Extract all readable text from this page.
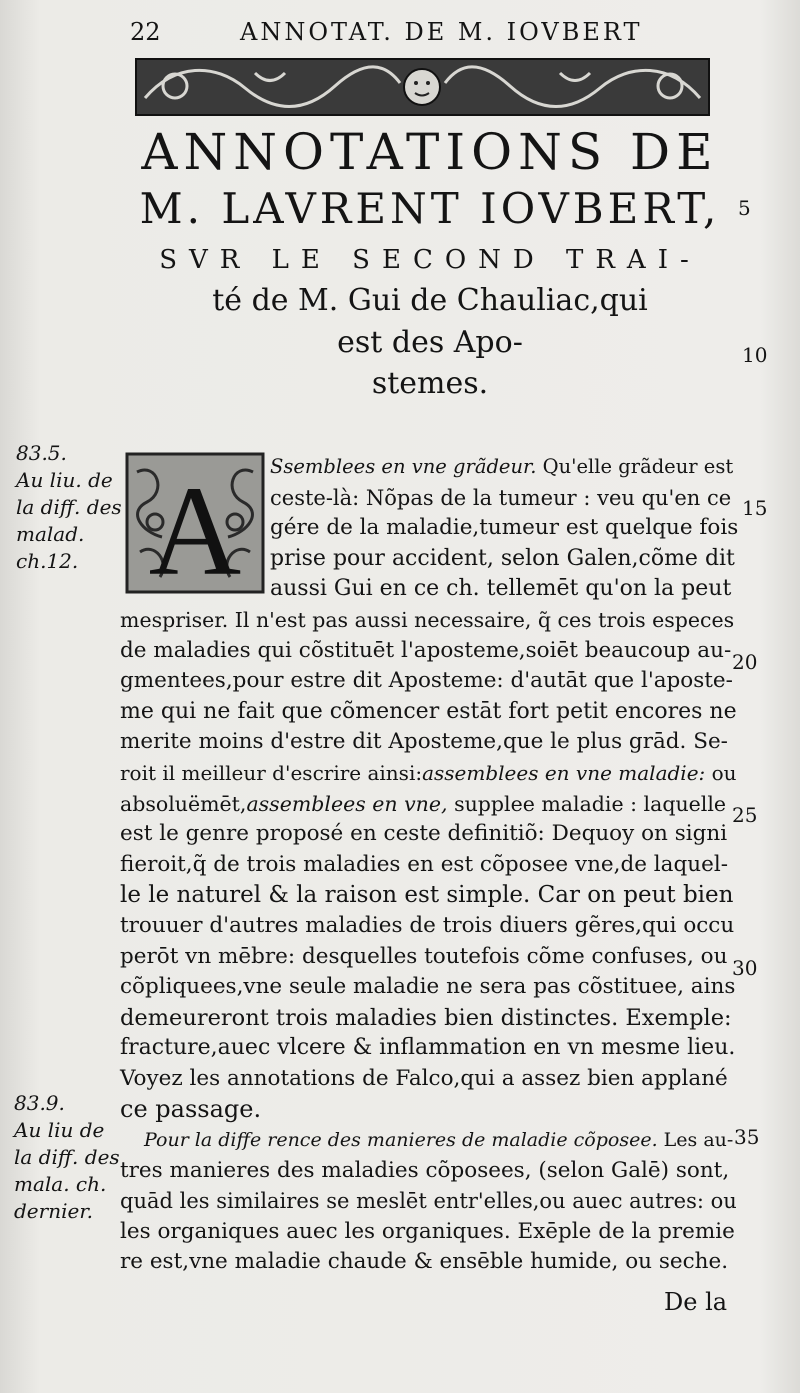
22	ANNOTAT. DE M. IOVBERT

ANNOTATIONS DE

M. LAVRENT IOVBERT,

SVR LE SECOND TRAI-

té de M. Gui de Chauliac,qui

est des Apo-

stemes.

83.5.
Au liu. de
la diff. des
malad.
ch.12.
83.9.
Au liu de
la diff. des
mala. ch.
dernier.
5
10
15
20
25
30
35
A	Ssemblees en vne grãdeur. Qu'elle grãdeur est
ceste-là: Nõpas de la tumeur : veu qu'en ce
gére de la maladie,tumeur est quelque fois
prise pour accident, selon Galen,cõme dit
aussi Gui en ce ch. tellemēt qu'on la peut
mespriser. Il n'est pas aussi necessaire, q̃ ces trois especes
de maladies qui cõstituēt l'aposteme,soiēt beaucoup au-
gmentees,pour estre dit Aposteme: d'autāt que l'aposte-
me qui ne fait que cõmencer estāt fort petit encores ne
merite moins d'estre dit Aposteme,que le plus grād. Se-
roit il meilleur d'escrire ainsi:assemblees en vne maladie: ou
absoluëmēt,assemblees en vne, supplee maladie : laquelle
est le genre proposé en ceste definitiõ: Dequoy on signi
fieroit,q̃ de trois maladies en est cõposee vne,de laquel-
le le naturel & la raison est simple. Car on peut bien
trouuer d'autres maladies de trois diuers gẽres,qui occu
perōt vn mēbre: desquelles toutefois cõme confuses, ou
cõpliquees,vne seule maladie ne sera pas cõstituee, ains
demeureront trois maladies bien distinctes. Exemple:
fracture,auec vlcere & inflammation en vn mesme lieu.
Voyez les annotations de Falco,qui a assez bien applané
ce passage.
Pour la diffe rence des manieres de maladie cõposee. Les au-
tres manieres des maladies cõposees, (selon Galē) sont,
quād les similaires se meslēt entr'elles,ou auec autres: ou
les organiques auec les organiques. Exēple de la premie
re est,vne maladie chaude & ensēble humide, ou seche.
De la
